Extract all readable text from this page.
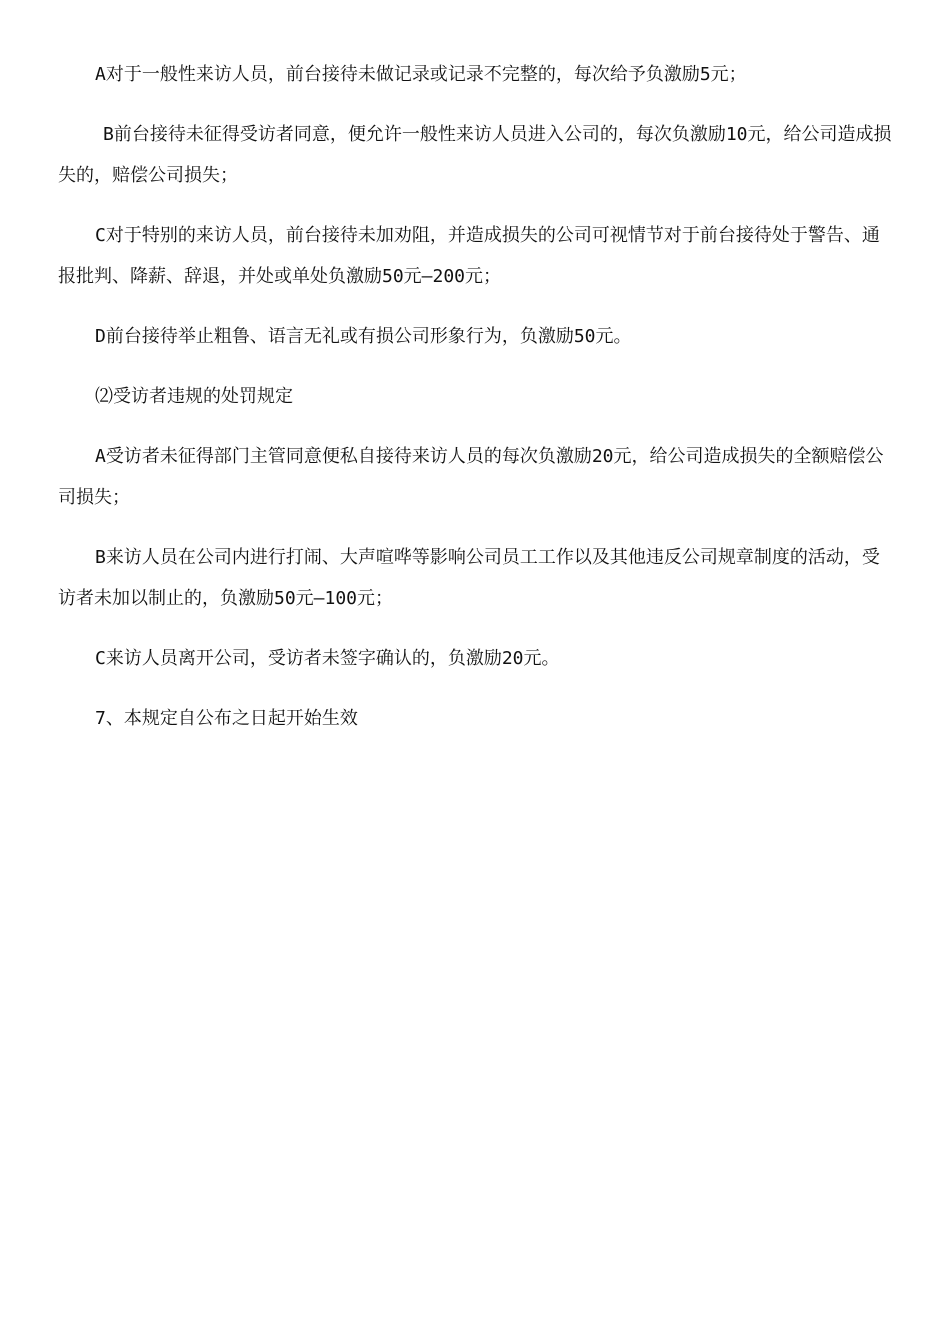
A对于一般性来访人员，前台接待未做记录或记录不完整的，每次给予负激励5元；

B前台接待未征得受访者同意，便允许一般性来访人员进入公司的，每次负激励10元，给公司造成损失的，赔偿公司损失；

C对于特别的来访人员，前台接待未加劝阻，并造成损失的公司可视情节对于前台接待处于警告、通报批判、降薪、辞退，并处或单处负激励50元—200元；

D前台接待举止粗鲁、语言无礼或有损公司形象行为，负激励50元。

⑵受访者违规的处罚规定

A受访者未征得部门主管同意便私自接待来访人员的每次负激励20元，给公司造成损失的全额赔偿公司损失；

B来访人员在公司内进行打闹、大声喧哗等影响公司员工工作以及其他违反公司规章制度的活动，受访者未加以制止的，负激励50元—100元；

C来访人员离开公司，受访者未签字确认的，负激励20元。

7、本规定自公布之日起开始生效
